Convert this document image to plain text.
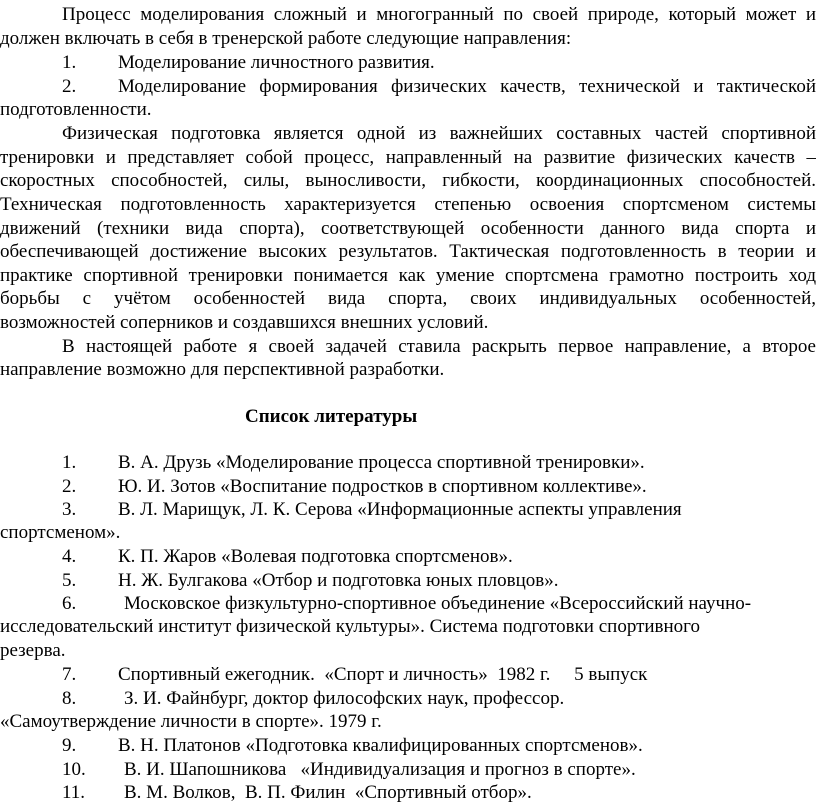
Процесс моделирования сложный и многогранный по своей природе, который может и
должен включать в себя в тренерской работе следующие направления:
1. Моделирование личностного развития.
2. Моделирование формирования физических качеств, технической и тактической
подготовленности.
Физическая подготовка является одной из важнейших составных частей спортивной
тренировки и представляет собой процесс, направленный на развитие физических качеств –
скоростных способностей, силы, выносливости, гибкости, координационных способностей.
Техническая подготовленность характеризуется степенью освоения спортсменом системы
движений (техники вида спорта), соответствующей особенности данного вида спорта и
обеспечивающей достижение высоких результатов. Тактическая подготовленность в теории и
практике спортивной тренировки понимается как умение спортсмена грамотно построить ход
борьбы с учётом особенностей вида спорта, своих индивидуальных особенностей,
возможностей соперников и создавшихся внешних условий.
В настоящей работе я своей задачей ставила раскрыть первое направление, а второе
направление возможно для перспективной разработки.
Список литературы
1. В. А. Друзь «Моделирование процесса спортивной тренировки».
2. Ю. И. Зотов «Воспитание подростков в спортивном коллективе».
3. В. Л. Марищук, Л. К. Серова «Информационные аспекты управления
спортсменом».
4. К. П. Жаров «Волевая подготовка спортсменов».
5. Н. Ж. Булгакова «Отбор и подготовка юных пловцов».
6.	Московское физкультурно-спортивное объединение «Всероссийский научно-
исследовательский институт физической культуры». Система подготовки спортивного
резерва.
7. Спортивный ежегодник.  «Спорт и личность»  1982 г.     5 выпуск
8.	З. И. Файнбург, доктор философских наук, профессор.
«Самоутверждение личности в спорте». 1979 г.
9. В. Н. Платонов «Подготовка квалифицированных спортсменов».
10. В. И. Шапошникова   «Индивидуализация и прогноз в спорте».
11. В. М. Волков,  В. П. Филин  «Спортивный отбор».
